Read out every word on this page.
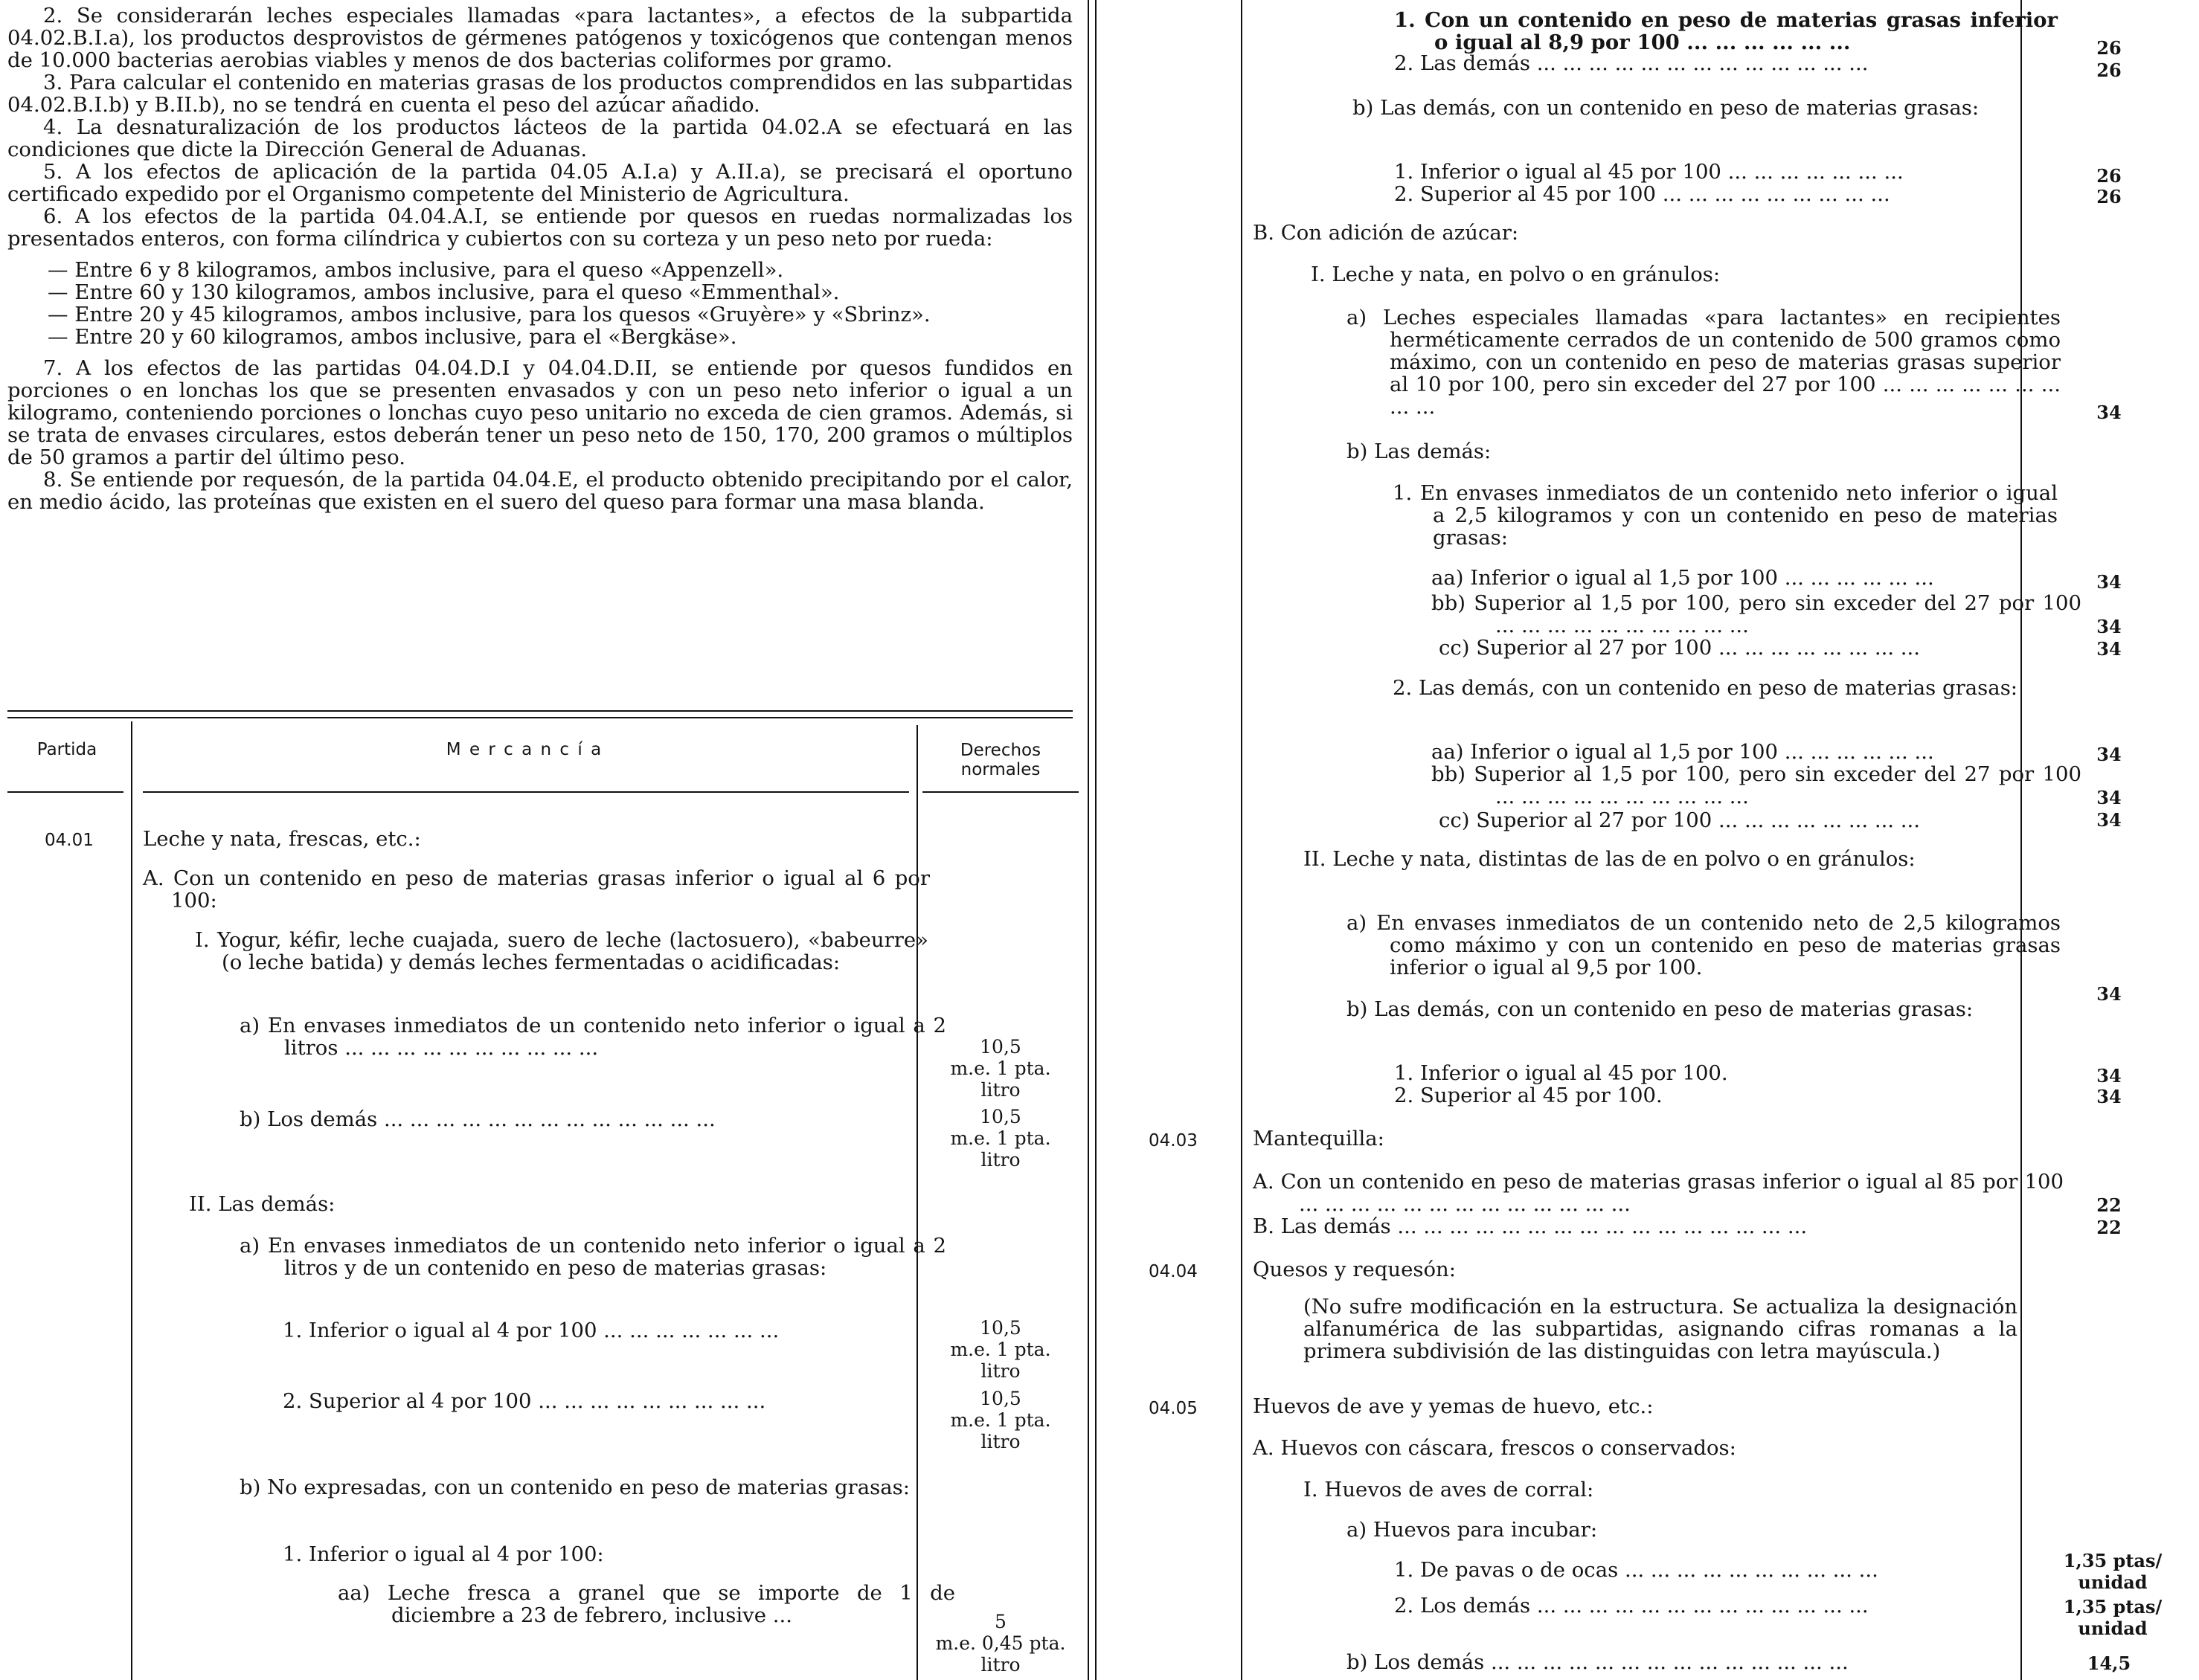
2. Se considerarán leches especiales llamadas «para lactantes», a efectos de la subpartida 04.02.B.I.a), los productos desprovistos de gérmenes patógenos y toxicógenos que contengan menos de 10.000 bacterias aerobias viables y menos de dos bacterias coliformes por gramo.

3. Para calcular el contenido en materias grasas de los productos comprendidos en las subpartidas 04.02.B.I.b) y B.II.b), no se tendrá en cuenta el peso del azúcar añadido.

4. La desnaturalización de los productos lácteos de la partida 04.02.A se efectuará en las condiciones que dicte la Dirección General de Aduanas.

5. A los efectos de aplicación de la partida 04.05 A.I.a) y A.II.a), se precisará el oportuno certificado expedido por el Organismo competente del Ministerio de Agricultura.

6. A los efectos de la partida 04.04.A.I, se entiende por quesos en ruedas normalizadas los presentados enteros, con forma cilíndrica y cubiertos con su corteza y un peso neto por rueda:

— Entre 6 y 8 kilogramos, ambos inclusive, para el queso «Appenzell».
— Entre 60 y 130 kilogramos, ambos inclusive, para el queso «Emmenthal».
— Entre 20 y 45 kilogramos, ambos inclusive, para los quesos «Gruyère» y «Sbrinz».
— Entre 20 y 60 kilogramos, ambos inclusive, para el «Bergkäse».

7. A los efectos de las partidas 04.04.D.I y 04.04.D.II, se entiende por quesos fundidos en porciones o en lonchas los que se presenten envasados y con un peso neto inferior o igual a un kilogramo, conteniendo porciones o lonchas cuyo peso unitario no exceda de cien gramos. Además, si se trata de envases circulares, estos deberán tener un peso neto de 150, 170, 200 gramos o múltiplos de 50 gramos a partir del último peso.

8. Se entiende por requesón, de la partida 04.04.E, el producto obtenido precipitando por el calor, en medio ácido, las proteínas que existen en el suero del queso para formar una masa blanda.

Partida	M e r c a n c í a	Derechos normales
04.01 Leche y nata, frescas, etc.:
A. Con un contenido en peso de materias grasas inferior o igual al 6 por 100:
I. Yogur, kéfir, leche cuajada, suero de leche (lactosuero), «babeurre» (o leche batida) y demás leches fermentadas o acidificadas:
a) En envases inmediatos de un contenido neto inferior o igual a 2 litros ... ... ... ... ... ... ... ... ... ...	10,5
m.e. 1 pta.
litro
b) Los demás ... ... ... ... ... ... ... ... ... ... ... ... ...	10,5
m.e. 1 pta.
litro
II. Las demás:
a) En envases inmediatos de un contenido neto inferior o igual a 2 litros y de un contenido en peso de materias grasas:
1. Inferior o igual al 4 por 100 ... ... ... ... ... ... ...	10,5
m.e. 1 pta.
litro
2. Superior al 4 por 100 ... ... ... ... ... ... ... ... ...	10,5
m.e. 1 pta.
litro
b) No expresadas, con un contenido en peso de materias grasas:
1. Inferior o igual al 4 por 100:
aa) Leche fresca a granel que se importe de 1 de diciembre a 23 de febrero, inclusive ...	5
m.e. 0,45 pta.
litro
1. Con un contenido en peso de materias grasas inferior o igual al 8,9 por 100 ... ... ... ... ... ...	26
2. Las demás ... ... ... ... ... ... ... ... ... ... ... ... ...	26
b) Las demás, con un contenido en peso de materias grasas:
1. Inferior o igual al 45 por 100 ... ... ... ... ... ... ...	26
2. Superior al 45 por 100 ... ... ... ... ... ... ... ... ...	26
B. Con adición de azúcar:
I. Leche y nata, en polvo o en gránulos:
a) Leches especiales llamadas «para lactantes» en recipientes herméticamente cerrados de un contenido de 500 gramos como máximo, con un contenido en peso de materias grasas superior al 10 por 100, pero sin exceder del 27 por 100 ... ... ... ... ... ... ... ... ...	34
b) Las demás:
1. En envases inmediatos de un contenido neto inferior o igual a 2,5 kilogramos y con un contenido en peso de materias grasas:
aa) Inferior o igual al 1,5 por 100 ... ... ... ... ... ...	34
bb) Superior al 1,5 por 100, pero sin exceder del 27 por 100 ... ... ... ... ... ... ... ... ... ...	34
cc) Superior al 27 por 100 ... ... ... ... ... ... ... ...	34
2. Las demás, con un contenido en peso de materias grasas:
aa) Inferior o igual al 1,5 por 100 ... ... ... ... ... ...	34
bb) Superior al 1,5 por 100, pero sin exceder del 27 por 100 ... ... ... ... ... ... ... ... ... ...	34
cc) Superior al 27 por 100 ... ... ... ... ... ... ... ...	34
II. Leche y nata, distintas de las de en polvo o en gránulos:
a) En envases inmediatos de un contenido neto de 2,5 kilogramos como máximo y con un contenido en peso de materias grasas inferior o igual al 9,5 por 100.
34
b) Las demás, con un contenido en peso de materias grasas:
1. Inferior o igual al 45 por 100.	34
2. Superior al 45 por 100.	34
04.03	Mantequilla:
A. Con un contenido en peso de materias grasas inferior o igual al 85 por 100 ... ... ... ... ... ... ... ... ... ... ... ... ...	22
B. Las demás ... ... ... ... ... ... ... ... ... ... ... ... ... ... ... ...	22
04.04	Quesos y requesón:
(No sufre modificación en la estructura. Se actualiza la designación alfanumérica de las subpartidas, asignando cifras romanas a la primera subdivisión de las distinguidas con letra mayúscula.)
04.05	Huevos de ave y yemas de huevo, etc.:
A. Huevos con cáscara, frescos o conservados:
I. Huevos de aves de corral:
a) Huevos para incubar:
1. De pavas o de ocas ... ... ... ... ... ... ... ... ... ...	1,35 ptas/
unidad
2. Los demás ... ... ... ... ... ... ... ... ... ... ... ... ...	1,35 ptas/
unidad
b) Los demás ... ... ... ... ... ... ... ... ... ... ... ... ... ...	14,5
